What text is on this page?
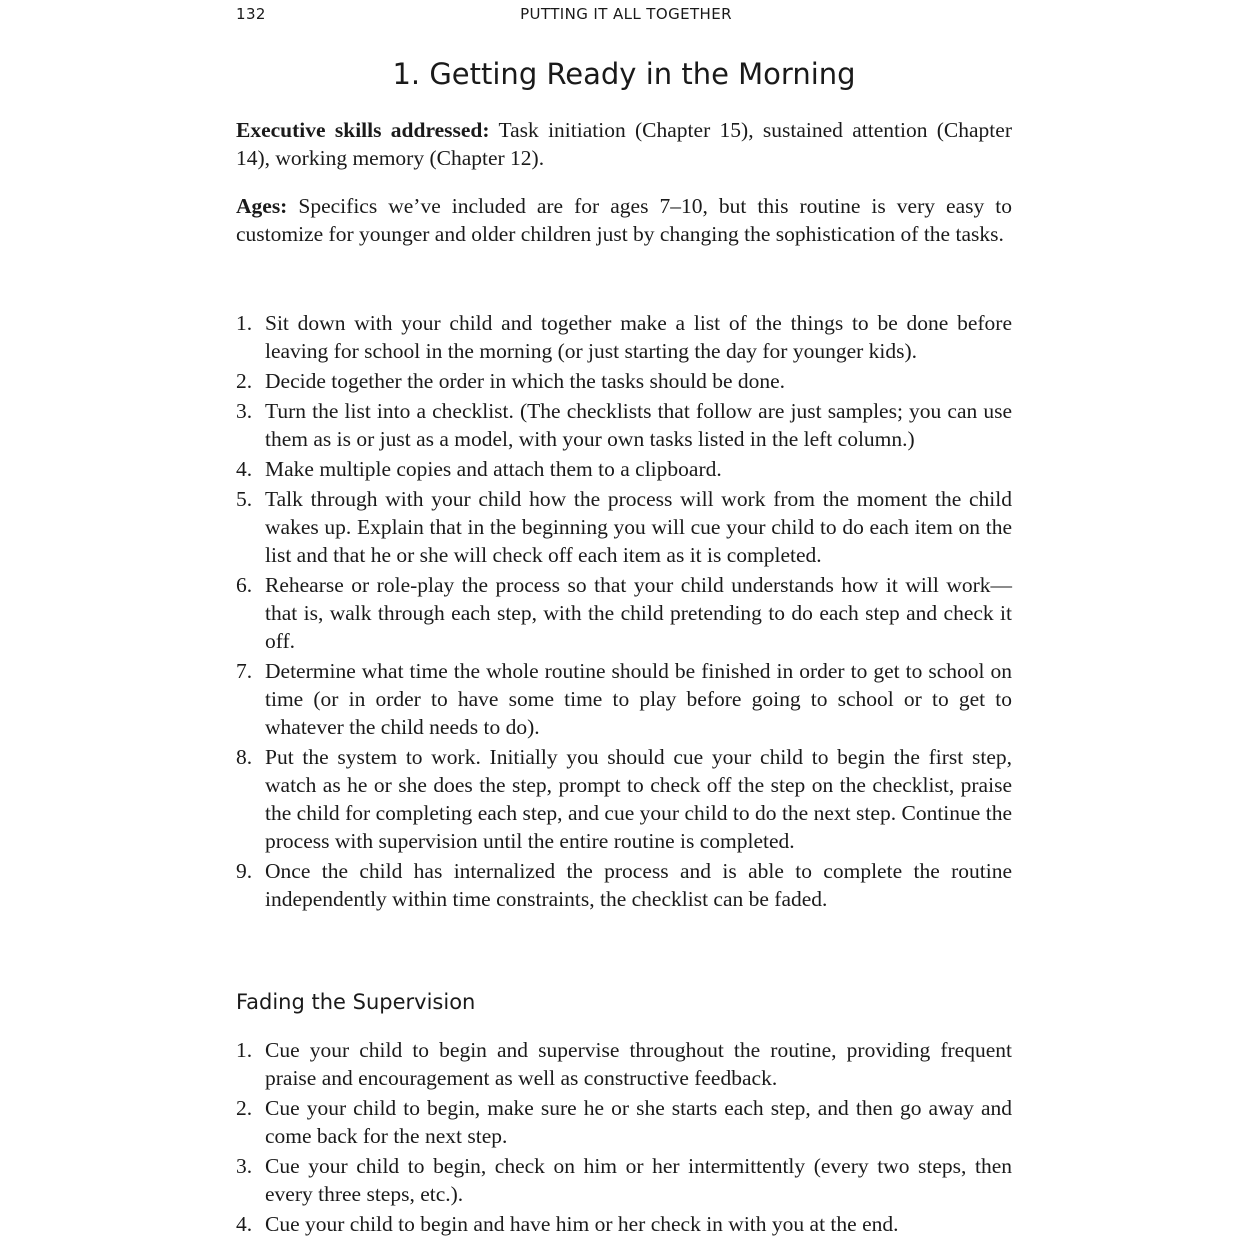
132	PUTTING IT ALL TOGETHER
1. Getting Ready in the Morning

Executive skills addressed: Task initiation (Chapter 15), sustained attention (Chapter 14), working memory (Chapter 12).

Ages: Specifics we’ve included are for ages 7–10, but this routine is very easy to customize for younger and older children just by changing the sophistication of the tasks.

1. Sit down with your child and together make a list of the things to be done before leaving for school in the morning (or just starting the day for younger kids).
2. Decide together the order in which the tasks should be done.
3. Turn the list into a checklist. (The checklists that follow are just samples; you can use them as is or just as a model, with your own tasks listed in the left column.)
4. Make multiple copies and attach them to a clipboard.
5. Talk through with your child how the process will work from the moment the child wakes up. Explain that in the beginning you will cue your child to do each item on the list and that he or she will check off each item as it is completed.
6. Rehearse or role-play the process so that your child understands how it will work—that is, walk through each step, with the child pretending to do each step and check it off.
7. Determine what time the whole routine should be finished in order to get to school on time (or in order to have some time to play before going to school or to get to whatever the child needs to do).
8. Put the system to work. Initially you should cue your child to begin the first step, watch as he or she does the step, prompt to check off the step on the checklist, praise the child for completing each step, and cue your child to do the next step. Continue the process with supervision until the entire routine is completed.
9. Once the child has internalized the process and is able to complete the routine independently within time constraints, the checklist can be faded.
Fading the Supervision
1. Cue your child to begin and supervise throughout the routine, providing frequent praise and encouragement as well as constructive feedback.
2. Cue your child to begin, make sure he or she starts each step, and then go away and come back for the next step.
3. Cue your child to begin, check on him or her intermittently (every two steps, then every three steps, etc.).
4. Cue your child to begin and have him or her check in with you at the end.
